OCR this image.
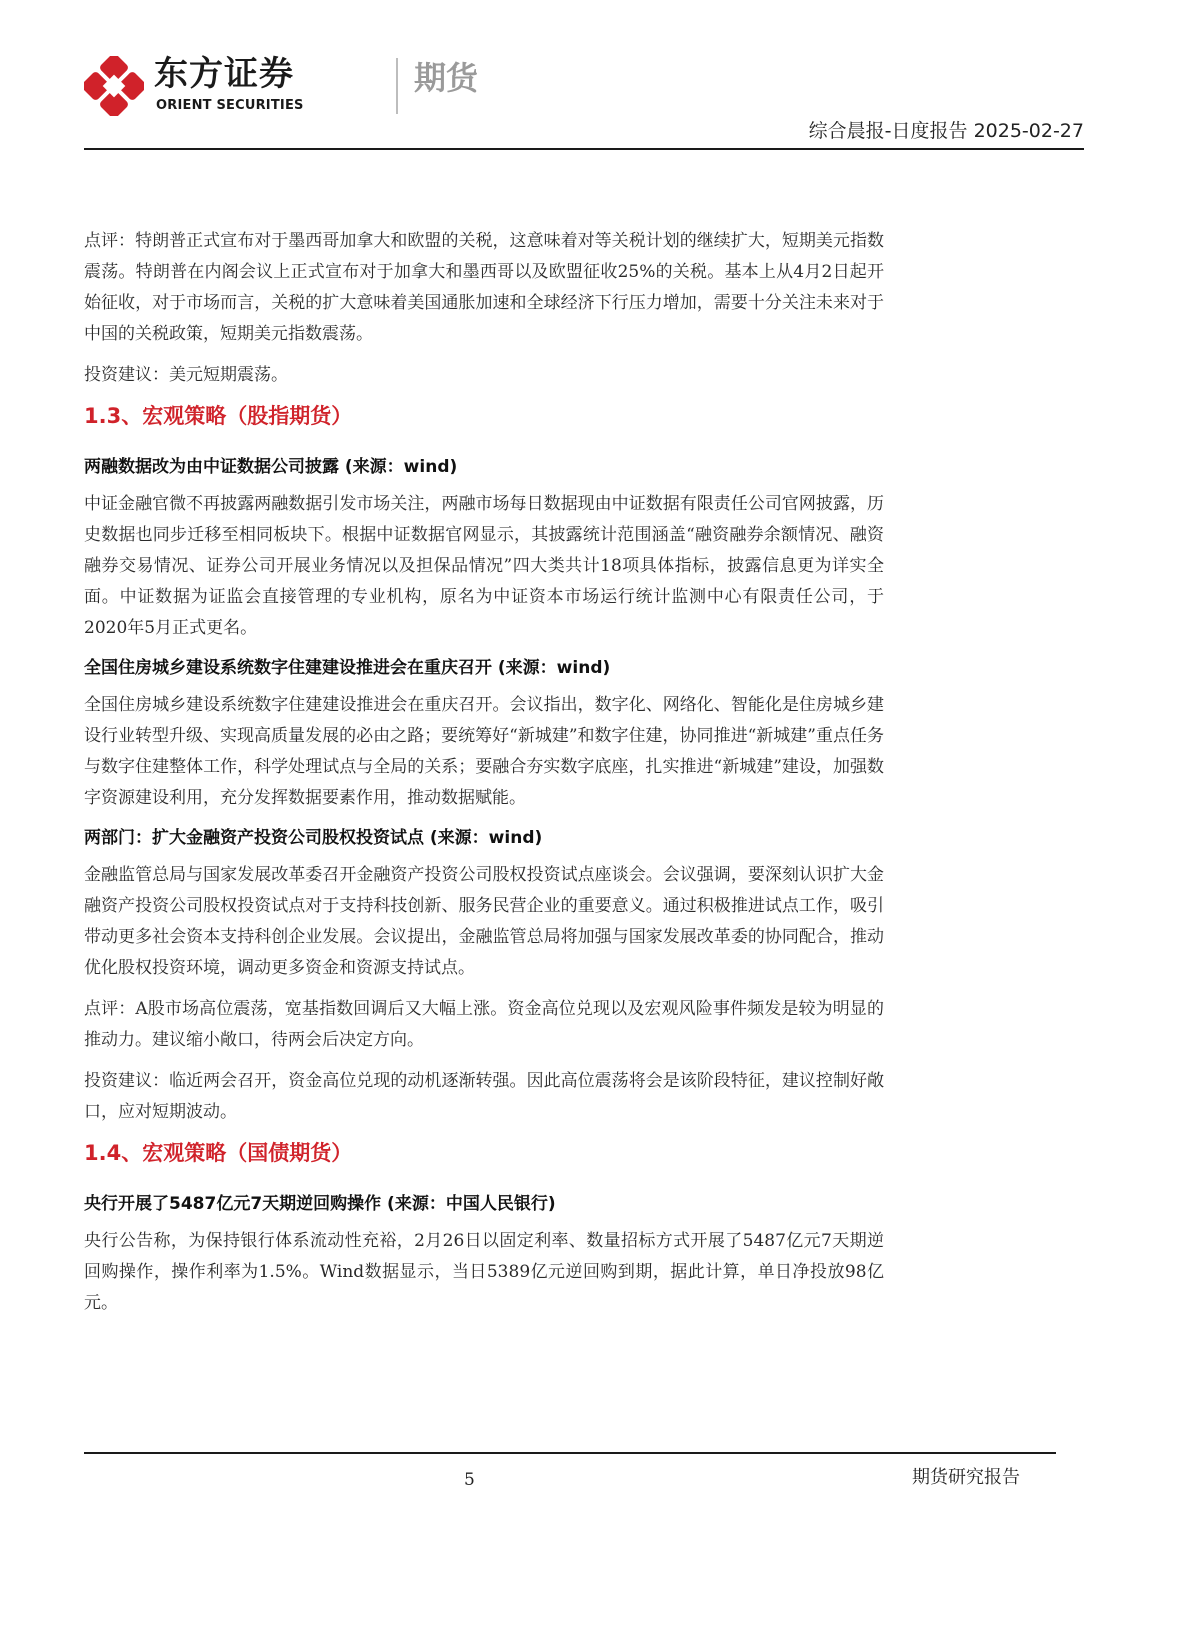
东方证券
ORIENT SECURITIES
期货
综合晨报-日度报告 2025-02-27

点评：特朗普正式宣布对于墨西哥加拿大和欧盟的关税，这意味着对等关税计划的继续扩大，短期美元指数震荡。特朗普在内阁会议上正式宣布对于加拿大和墨西哥以及欧盟征收25%的关税。基本上从4月2日起开始征收，对于市场而言，关税的扩大意味着美国通胀加速和全球经济下行压力增加，需要十分关注未来对于中国的关税政策，短期美元指数震荡。

投资建议：美元短期震荡。

1.3、宏观策略（股指期货）
两融数据改为由中证数据公司披露 (来源：wind)

中证金融官微不再披露两融数据引发市场关注，两融市场每日数据现由中证数据有限责任公司官网披露，历史数据也同步迁移至相同板块下。根据中证数据官网显示，其披露统计范围涵盖“融资融券余额情况、融资融券交易情况、证券公司开展业务情况以及担保品情况”四大类共计18项具体指标，披露信息更为详实全面。中证数据为证监会直接管理的专业机构，原名为中证资本市场运行统计监测中心有限责任公司，于2020年5月正式更名。

全国住房城乡建设系统数字住建建设推进会在重庆召开 (来源：wind)

全国住房城乡建设系统数字住建建设推进会在重庆召开。会议指出，数字化、网络化、智能化是住房城乡建设行业转型升级、实现高质量发展的必由之路；要统筹好“新城建”和数字住建，协同推进“新城建”重点任务与数字住建整体工作，科学处理试点与全局的关系；要融合夯实数字底座，扎实推进“新城建”建设，加强数字资源建设利用，充分发挥数据要素作用，推动数据赋能。

两部门：扩大金融资产投资公司股权投资试点 (来源：wind)

金融监管总局与国家发展改革委召开金融资产投资公司股权投资试点座谈会。会议强调，要深刻认识扩大金融资产投资公司股权投资试点对于支持科技创新、服务民营企业的重要意义。通过积极推进试点工作，吸引带动更多社会资本支持科创企业发展。会议提出，金融监管总局将加强与国家发展改革委的协同配合，推动优化股权投资环境，调动更多资金和资源支持试点。

点评：A股市场高位震荡，宽基指数回调后又大幅上涨。资金高位兑现以及宏观风险事件频发是较为明显的推动力。建议缩小敞口，待两会后决定方向。

投资建议：临近两会召开，资金高位兑现的动机逐渐转强。因此高位震荡将会是该阶段特征，建议控制好敞口，应对短期波动。

1.4、宏观策略（国债期货）
央行开展了5487亿元7天期逆回购操作 (来源：中国人民银行)

央行公告称，为保持银行体系流动性充裕，2月26日以固定利率、数量招标方式开展了5487亿元7天期逆回购操作，操作利率为1.5%。Wind数据显示，当日5389亿元逆回购到期，据此计算，单日净投放98亿元。

5	期货研究报告
